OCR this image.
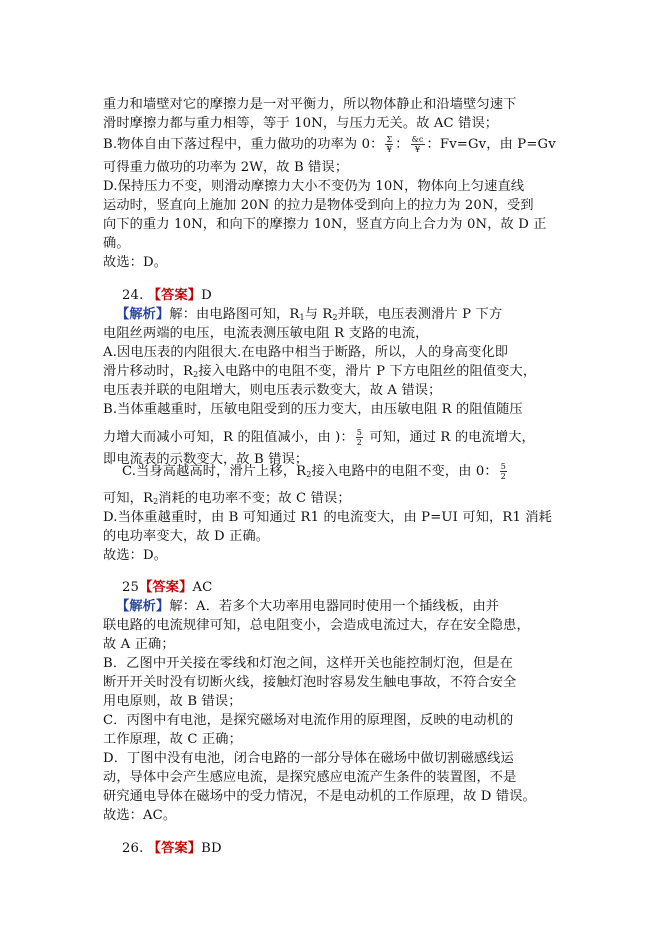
重力和墙壁对它的摩擦力是一对平衡力，所以物体静止和沿墙壁匀速下
滑时摩擦力都与重力相等，等于 10N，与压力无关。故 AC 错误；
B.物体自由下落过程中，重力做功的功率为 0： $\frac{\Sigma}{¥}$ ： $\frac{\&c}{¥}$ ：Fv=Gv，由 P=Gv
可得重力做功的功率为 2W，故 B 错误；
D.保持压力不变，则滑动摩擦力大小不变仍为 10N，物体向上匀速直线
运动时，竖直向上施加 20N 的拉力是物体受到向上的拉力为 20N，受到
向下的重力 10N，和向下的摩擦力 10N，竖直方向上合力为 0N，故 D 正
确。
故选：D。
24. 【答案】D
【解析】解：由电路图可知，$R_1$与 $R_2$并联，电压表测滑片 P 下方
电阻丝两端的电压，电流表测压敏电阻 R 支路的电流，
A.因电压表的内阻很大.在电路中相当于断路，所以，人的身高变化即
滑片移动时，$R_2$接入电路中的电阻不变，滑片 P 下方电阻丝的阻值变大，
电压表并联的电阻增大，则电压表示数变大，故 A 错误；
B.当体重越重时，压敏电阻受到的压力变大，由压敏电阻 R 的阻值随压
力增大而减小可知，R 的阻值减小，由 )： $\frac{5}{2}$ 可知，通过 R 的电流增大，
即电流表的示数变大，故 B 错误；
C.当身高越高时，滑片上移，$R_2$接入电路中的电阻不变，由 0： $\frac{5}{2}$
可知，$R_2$消耗的电功率不变；故 C 错误；
D.当体重越重时，由 B 可知通过 R1 的电流变大，由 P=UI 可知，R1 消耗
的电功率变大，故 D 正确。
故选：D。
25【答案】AC
【解析】解：A．若多个大功率用电器同时使用一个插线板，由并
联电路的电流规律可知，总电阻变小，会造成电流过大，存在安全隐患，
故 A 正确；
B．乙图中开关接在零线和灯泡之间，这样开关也能控制灯泡，但是在
断开开关时没有切断火线，接触灯泡时容易发生触电事故，不符合安全
用电原则，故 B 错误；
C．丙图中有电池，是探究磁场对电流作用的原理图，反映的电动机的
工作原理，故 C 正确；
D．丁图中没有电池，闭合电路的一部分导体在磁场中做切割磁感线运
动，导体中会产生感应电流，是探究感应电流产生条件的装置图，不是
研究通电导体在磁场中的受力情况，不是电动机的工作原理，故 D 错误。
故选：AC。
26. 【答案】BD
